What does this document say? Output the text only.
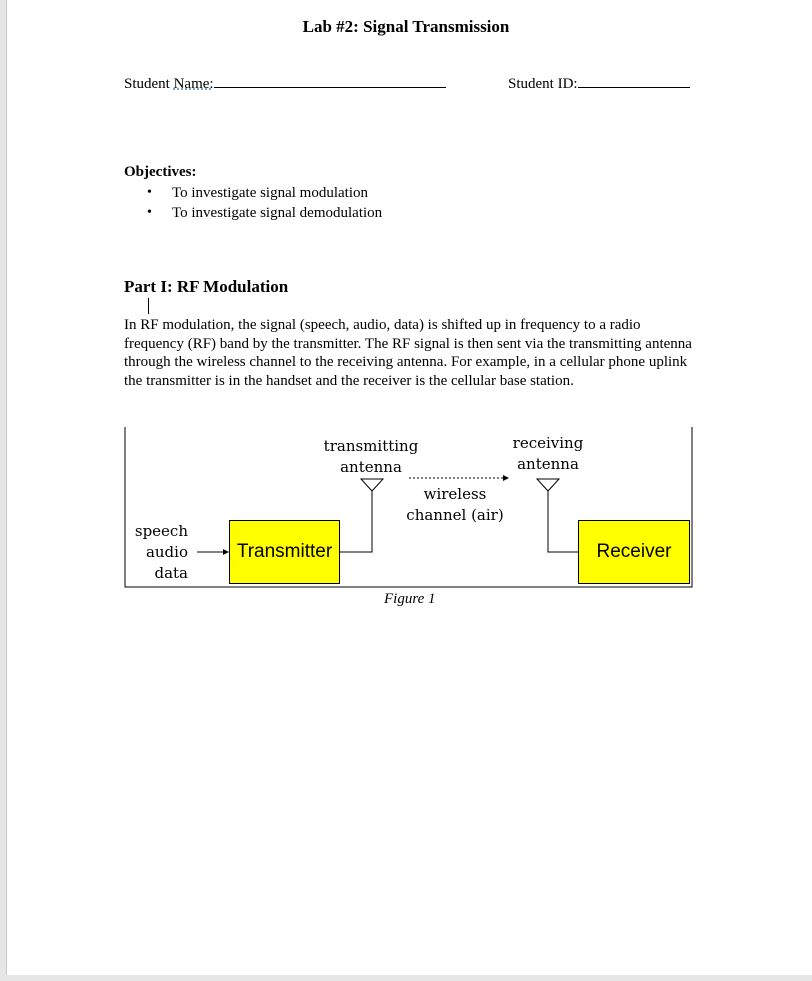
Lab #2: Signal Transmission
Student Name:	Student ID:
Objectives:
• To investigate signal modulation
• To investigate signal demodulation
Part I: RF Modulation
In RF modulation, the signal (speech, audio, data) is shifted up in frequency to a radio frequency (RF) band by the transmitter. The RF signal is then sent via the transmitting antenna through the wireless channel to the receiving antenna. For example, in a cellular phone uplink the transmitter is in the handset and the receiver is the cellular base station.
Transmitter	Receiver
speech
audio
data
transmitting
antenna
receiving
antenna
wireless
channel (air)
Figure 1
